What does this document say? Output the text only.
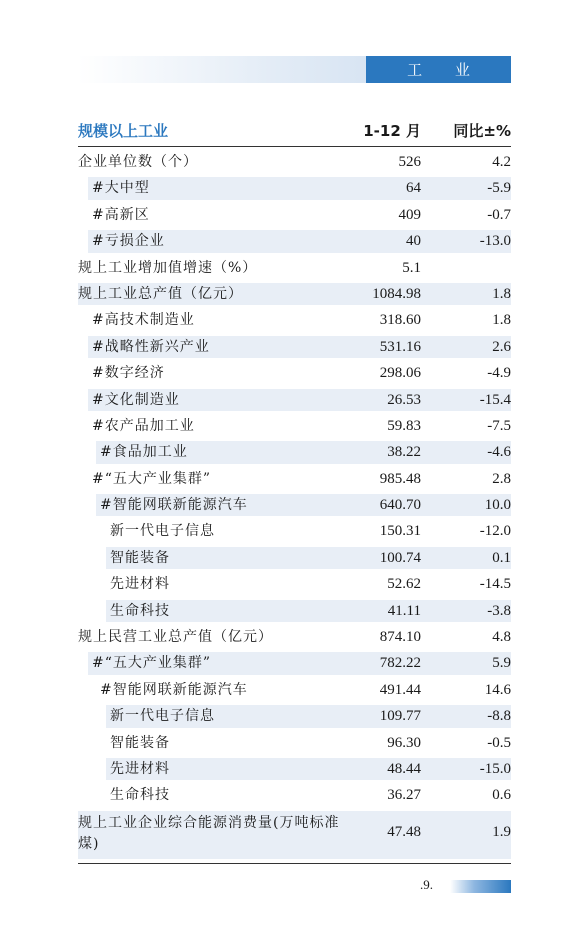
工 业
规模以上工业	1-12 月 同比±%
企业单位数（个）	526	4.2
#大中型	64	-5.9
#高新区	409	-0.7
#亏损企业	40	-13.0
规上工业增加值增速（%）	5.1
规上工业总产值（亿元）	1084.98	1.8
#高技术制造业	318.60	1.8
#战略性新兴产业	531.16	2.6
#数字经济	298.06	-4.9
#文化制造业	26.53	-15.4
#农产品加工业	59.83	-7.5
#食品加工业	38.22	-4.6
#“五大产业集群”	985.48	2.8
#智能网联新能源汽车	640.70	10.0
新一代电子信息	150.31	-12.0
智能装备	100.74	0.1
先进材料	52.62	-14.5
生命科技	41.11	-3.8
规上民营工业总产值（亿元）	874.10	4.8
#“五大产业集群”	782.22	5.9
#智能网联新能源汽车	491.44	14.6
新一代电子信息	109.77	-8.8
智能装备	96.30	-0.5
先进材料	48.44	-15.0
生命科技	36.27	0.6
规上工业企业综合能源消费量(万吨标准煤)
47.48	1.9
.9.
